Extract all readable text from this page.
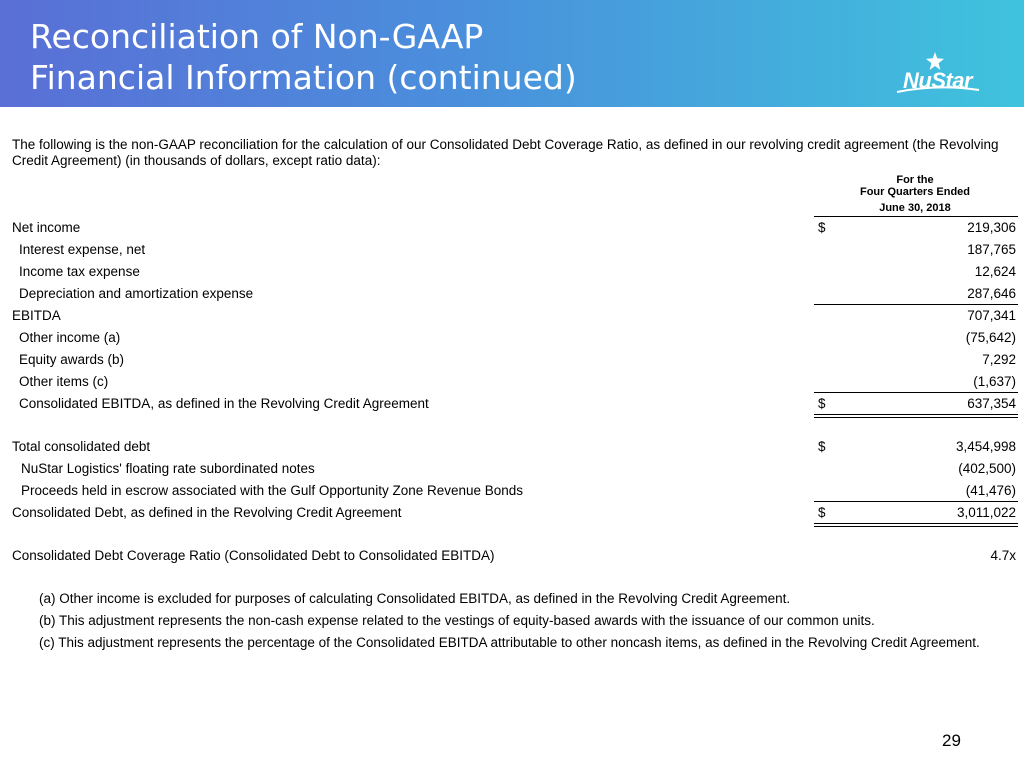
Reconciliation of Non-GAAP
Financial Information (continued)	NuStar
The following is the non-GAAP reconciliation for the calculation of our Consolidated Debt Coverage Ratio, as defined in our revolving credit agreement (the Revolving Credit Agreement) (in thousands of dollars, except ratio data):
For the
Four Quarters Ended
June 30, 2018
Net income	$	219,306
Interest expense, net	187,765
Income tax expense	12,624
Depreciation and amortization expense	287,646
EBITDA	707,341
Other income (a)	(75,642)
Equity awards (b)	7,292
Other items (c)	(1,637)
Consolidated EBITDA, as defined in the Revolving Credit Agreement	$	637,354
Total consolidated debt	$	3,454,998
NuStar Logistics' floating rate subordinated notes	(402,500)
Proceeds held in escrow associated with the Gulf Opportunity Zone Revenue Bonds	(41,476)
Consolidated Debt, as defined in the Revolving Credit Agreement	$	3,011,022
Consolidated Debt Coverage Ratio (Consolidated Debt to Consolidated EBITDA)	4.7x
(a) Other income is excluded for purposes of calculating Consolidated EBITDA, as defined in the Revolving Credit Agreement.
(b) This adjustment represents the non-cash expense related to the vestings of equity-based awards with the issuance of our common units.
(c) This adjustment represents the percentage of the Consolidated EBITDA attributable to other noncash items, as defined in the Revolving Credit Agreement.
29
